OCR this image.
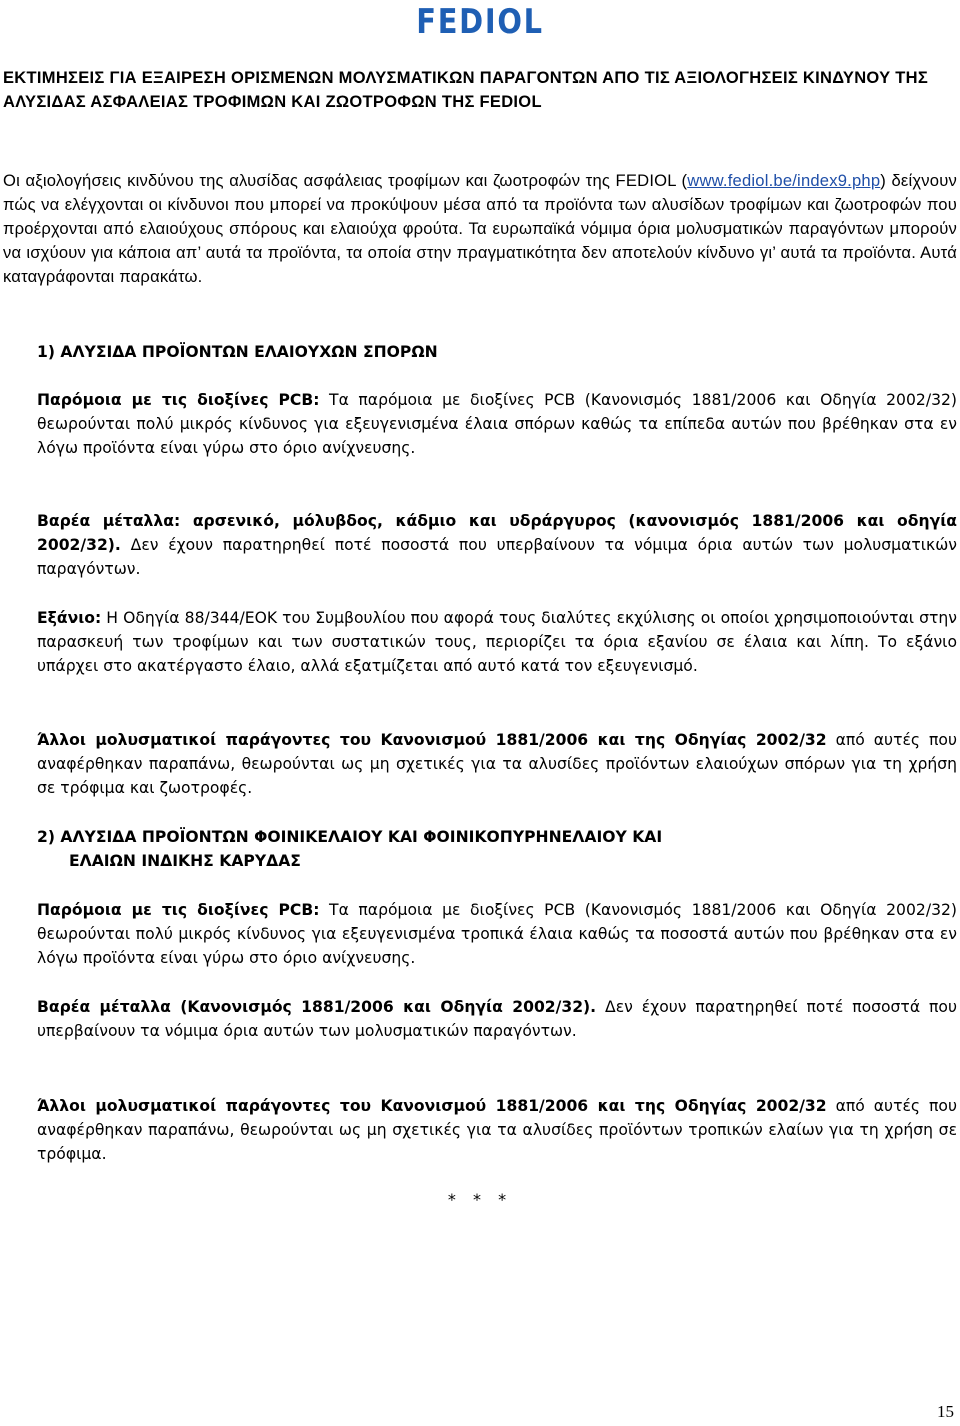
FEDIOL
ΕΚΤΙΜΗΣΕΙΣ ΓΙΑ ΕΞΑΙΡΕΣΗ ΟΡΙΣΜΕΝΩΝ ΜΟΛΥΣΜΑΤΙΚΩΝ ΠΑΡΑΓΟΝΤΩΝ ΑΠΟ ΤΙΣ ΑΞΙΟΛΟΓΗΣΕΙΣ ΚΙΝΔΥΝΟΥ ΤΗΣ ΑΛΥΣΙΔΑΣ ΑΣΦΑΛΕΙΑΣ ΤΡΟΦΙΜΩΝ ΚΑΙ ΖΩΟΤΡΟΦΩΝ ΤΗΣ FEDIOL
Οι αξιολογήσεις κινδύνου της αλυσίδας ασφάλειας τροφίμων και ζωοτροφών της FEDIOL (www.fediol.be/index9.php) δείχνουν πώς να ελέγχονται οι κίνδυνοι που μπορεί να προκύψουν μέσα από τα προϊόντα των αλυσίδων τροφίμων και ζωοτροφών που προέρχονται από ελαιούχους σπόρους και ελαιούχα φρούτα. Τα ευρωπαϊκά νόμιμα όρια μολυσματικών παραγόντων μπορούν να ισχύουν για κάποια απ’ αυτά τα προϊόντα, τα οποία στην πραγματικότητα δεν αποτελούν κίνδυνο γι’ αυτά τα προϊόντα. Αυτά καταγράφονται παρακάτω.
1) ΑΛΥΣΙΔΑ ΠΡΟΪΟΝΤΩΝ ΕΛΑΙΟΥΧΩΝ ΣΠΟΡΩΝ
Παρόμοια με τις διοξίνες PCB: Τα παρόμοια με διοξίνες PCB (Κανονισμός 1881/2006 και Οδηγία 2002/32) θεωρούνται πολύ μικρός κίνδυνος για εξευγενισμένα έλαια σπόρων καθώς τα επίπεδα αυτών που βρέθηκαν στα εν λόγω προϊόντα είναι γύρω στο όριο ανίχνευσης.
Βαρέα μέταλλα: αρσενικό, μόλυβδος, κάδμιο και υδράργυρος (κανονισμός 1881/2006 και οδηγία 2002/32). Δεν έχουν παρατηρηθεί ποτέ ποσοστά που υπερβαίνουν τα νόμιμα όρια αυτών των μολυσματικών παραγόντων.
Εξάνιο: Η Οδηγία 88/344/ΕΟΚ του Συμβουλίου που αφορά τους διαλύτες εκχύλισης οι οποίοι χρησιμοποιούνται στην παρασκευή των τροφίμων και των συστατικών τους, περιορίζει τα όρια εξανίου σε έλαια και λίπη. Το εξάνιο υπάρχει στο ακατέργαστο έλαιο, αλλά εξατμίζεται από αυτό κατά τον εξευγενισμό.
Άλλοι μολυσματικοί παράγοντες του Κανονισμού 1881/2006 και της Οδηγίας 2002/32 από αυτές που αναφέρθηκαν παραπάνω, θεωρούνται ως μη σχετικές για τα αλυσίδες προϊόντων ελαιούχων σπόρων για τη χρήση σε τρόφιμα και ζωοτροφές.
2) ΑΛΥΣΙΔΑ ΠΡΟΪΟΝΤΩΝ ΦΟΙΝΙΚΕΛΑΙΟΥ ΚΑΙ ΦΟΙΝΙΚΟΠΥΡΗΝΕΛΑΙΟΥ ΚΑΙ
ΕΛΑΙΩΝ ΙΝΔΙΚΗΣ ΚΑΡΥΔΑΣ
Παρόμοια με τις διοξίνες PCB: Τα παρόμοια με διοξίνες PCB (Κανονισμός 1881/2006 και Οδηγία 2002/32) θεωρούνται πολύ μικρός κίνδυνος για εξευγενισμένα τροπικά έλαια καθώς τα ποσοστά αυτών που βρέθηκαν στα εν λόγω προϊόντα είναι γύρω στο όριο ανίχνευσης.
Βαρέα μέταλλα (Κανονισμός 1881/2006 και Οδηγία 2002/32). Δεν έχουν παρατηρηθεί ποτέ ποσοστά που υπερβαίνουν τα νόμιμα όρια αυτών των μολυσματικών παραγόντων.
Άλλοι μολυσματικοί παράγοντες του Κανονισμού 1881/2006 και της Οδηγίας 2002/32 από αυτές που αναφέρθηκαν παραπάνω, θεωρούνται ως μη σχετικές για τα αλυσίδες προϊόντων τροπικών ελαίων για τη χρήση σε τρόφιμα.
* * *
15
